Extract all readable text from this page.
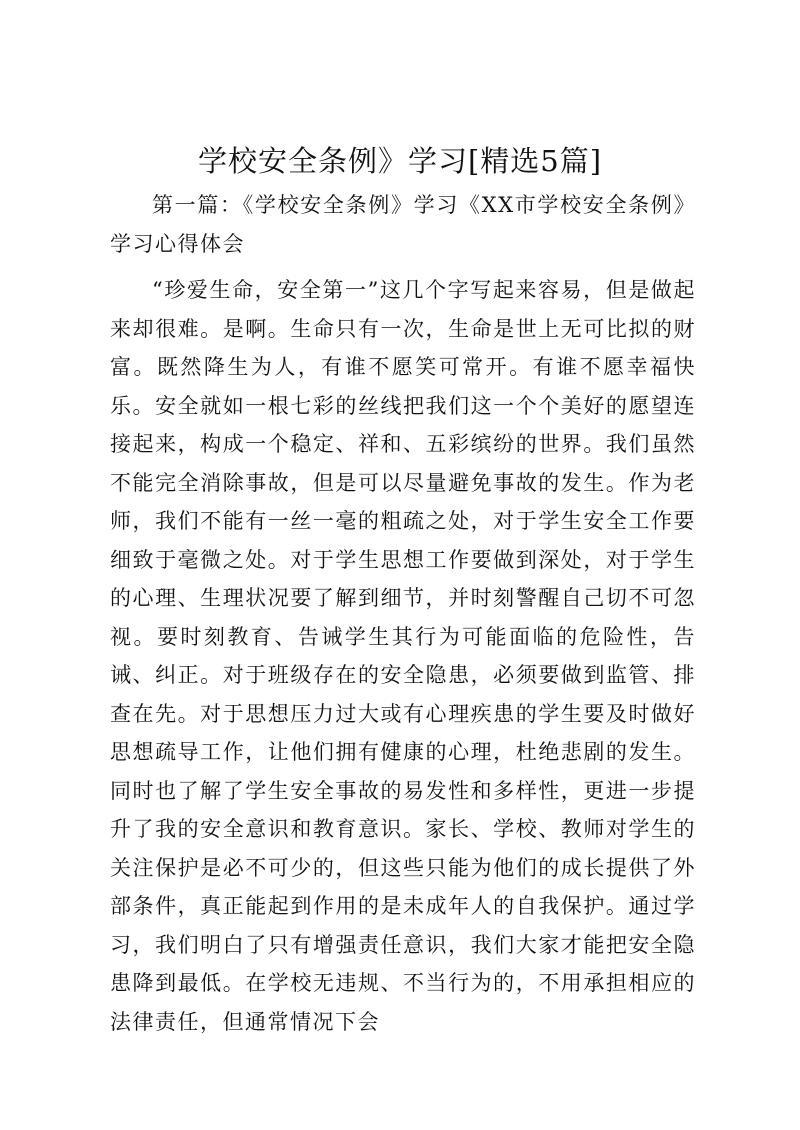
学校安全条例》学习[精选5篇]

第一篇：《学校安全条例》学习《XX市学校安全条例》学习心得体会

“珍爱生命，安全第一”这几个字写起来容易，但是做起来却很难。是啊。生命只有一次，生命是世上无可比拟的财富。既然降生为人，有谁不愿笑可常开。有谁不愿幸福快乐。安全就如一根七彩的丝线把我们这一个个美好的愿望连接起来，构成一个稳定、祥和、五彩缤纷的世界。我们虽然不能完全消除事故，但是可以尽量避免事故的发生。作为老师，我们不能有一丝一毫的粗疏之处，对于学生安全工作要细致于毫微之处。对于学生思想工作要做到深处，对于学生的心理、生理状况要了解到细节，并时刻警醒自己切不可忽视。要时刻教育、告诫学生其行为可能面临的危险性，告诫、纠正。对于班级存在的安全隐患，必须要做到监管、排查在先。对于思想压力过大或有心理疾患的学生要及时做好思想疏导工作，让他们拥有健康的心理，杜绝悲剧的发生。同时也了解了学生安全事故的易发性和多样性，更进一步提升了我的安全意识和教育意识。家长、学校、教师对学生的关注保护是必不可少的，但这些只能为他们的成长提供了外部条件，真正能起到作用的是未成年人的自我保护。通过学习，我们明白了只有增强责任意识，我们大家才能把安全隐患降到最低。在学校无违规、不当行为的，不用承担相应的法律责任，但通常情况下会
